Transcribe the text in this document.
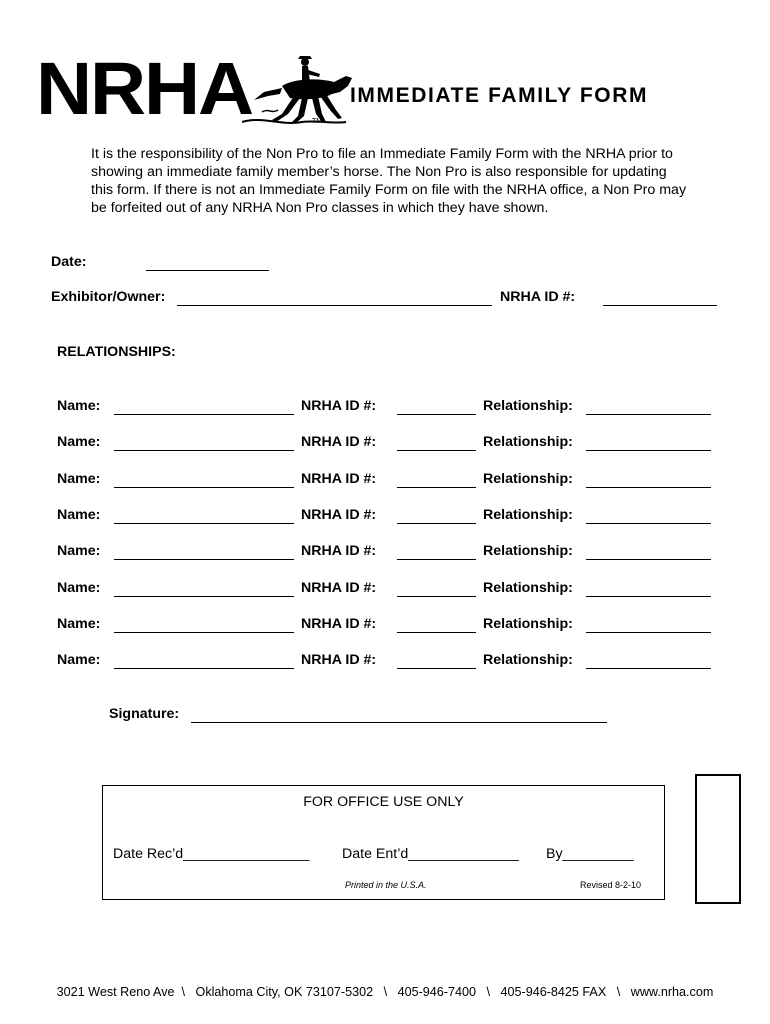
NRHA	TM
IMMEDIATE FAMILY FORM
It is the responsibility of the Non Pro to file an Immediate Family Form with the NRHA prior to showing an immediate family member’s horse. The Non Pro is also responsible for updating this form. If there is not an Immediate Family Form on file with the NRHA office, a Non Pro may be forfeited out of any NRHA Non Pro classes in which they have shown.
Date:
Exhibitor/Owner:	NRHA ID #:
RELATIONSHIPS:
Name:	NRHA ID #:	Relationship:
Name:	NRHA ID #:	Relationship:
Name:	NRHA ID #:	Relationship:
Name:	NRHA ID #:	Relationship:
Name:	NRHA ID #:	Relationship:
Name:	NRHA ID #:	Relationship:
Name:	NRHA ID #:	Relationship:
Name:	NRHA ID #:	Relationship:
Signature:
FOR OFFICE USE ONLY
Date Rec’d________________ Date Ent’d______________ By_________
Printed in the U.S.A.	Revised 8-2-10
3021 West Reno Ave  \   Oklahoma City, OK 73107-5302   \   405-946-7400   \   405-946-8425 FAX   \   www.nrha.com
